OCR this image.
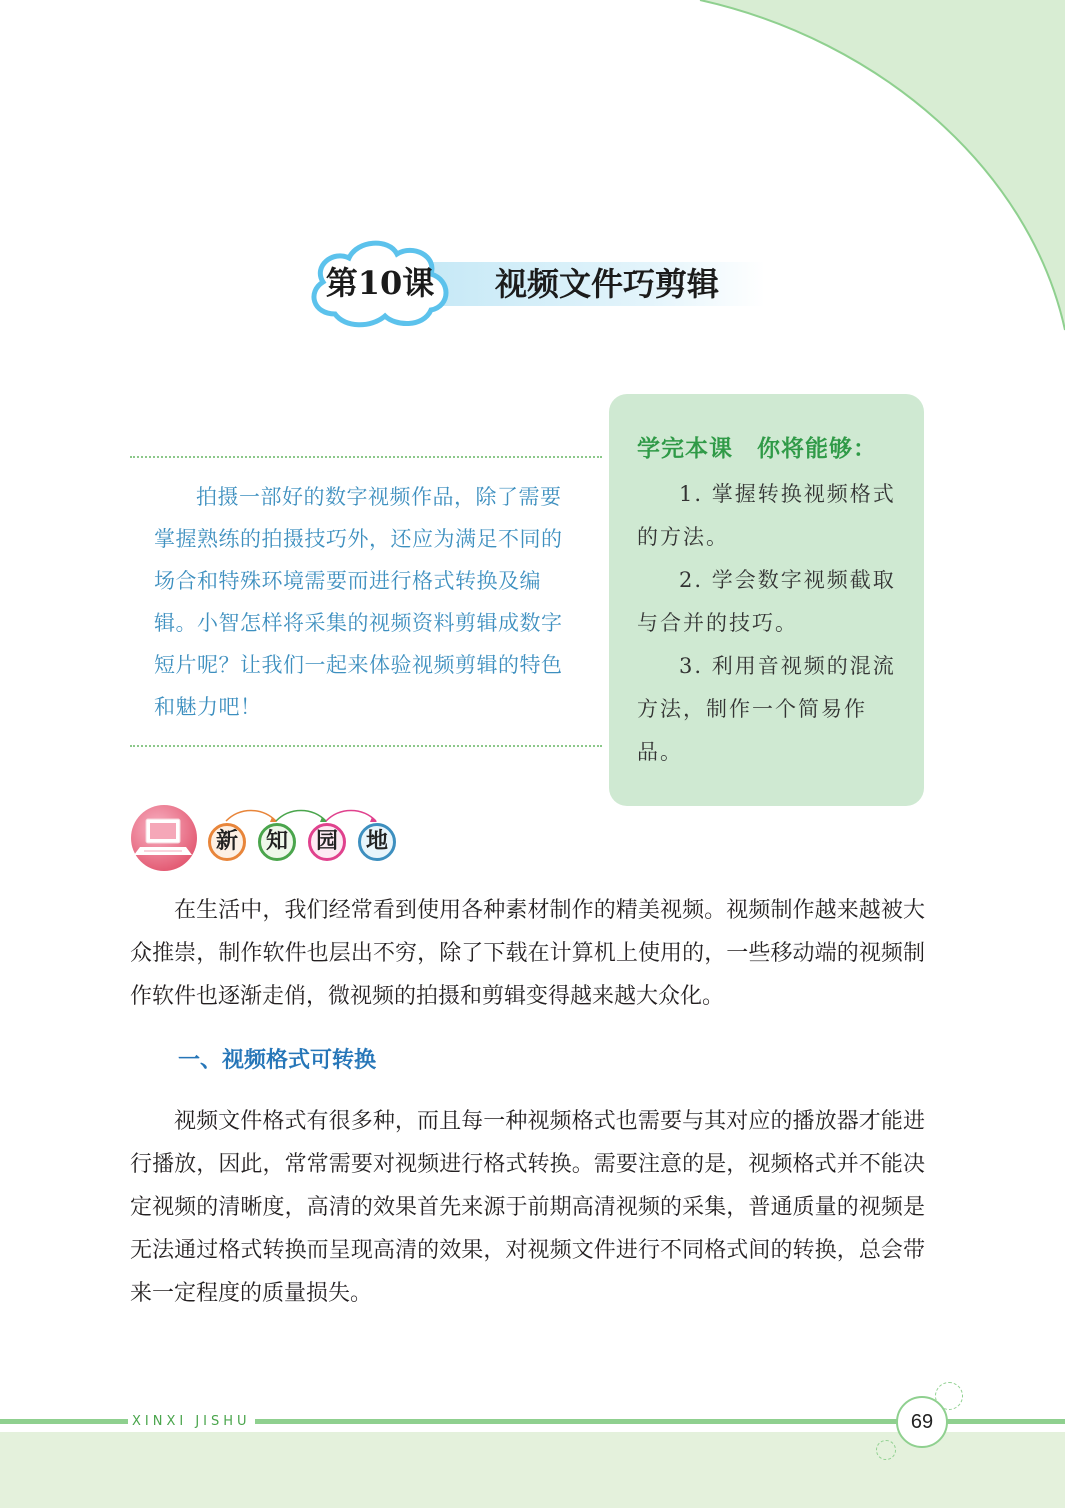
第10课	视频文件巧剪辑

拍摄一部好的数字视频作品，除了需要掌握熟练的拍摄技巧外，还应为满足不同的场合和特殊环境需要而进行格式转换及编辑。小智怎样将采集的视频资料剪辑成数字短片呢？让我们一起来体验视频剪辑的特色和魅力吧！

学完本课　你将能够：

1. 掌握转换视频格式的方法。

2. 学会数字视频截取与合并的技巧。

3. 利用音视频的混流方法，制作一个简易作品。

新	知	园	地

在生活中，我们经常看到使用各种素材制作的精美视频。视频制作越来越被大众推崇，制作软件也层出不穷，除了下载在计算机上使用的，一些移动端的视频制作软件也逐渐走俏，微视频的拍摄和剪辑变得越来越大众化。

一、视频格式可转换

视频文件格式有很多种，而且每一种视频格式也需要与其对应的播放器才能进行播放，因此，常常需要对视频进行格式转换。需要注意的是，视频格式并不能决定视频的清晰度，高清的效果首先来源于前期高清视频的采集，普通质量的视频是无法通过格式转换而呈现高清的效果，对视频文件进行不同格式间的转换，总会带来一定程度的质量损失。

XINXI JISHU	69
